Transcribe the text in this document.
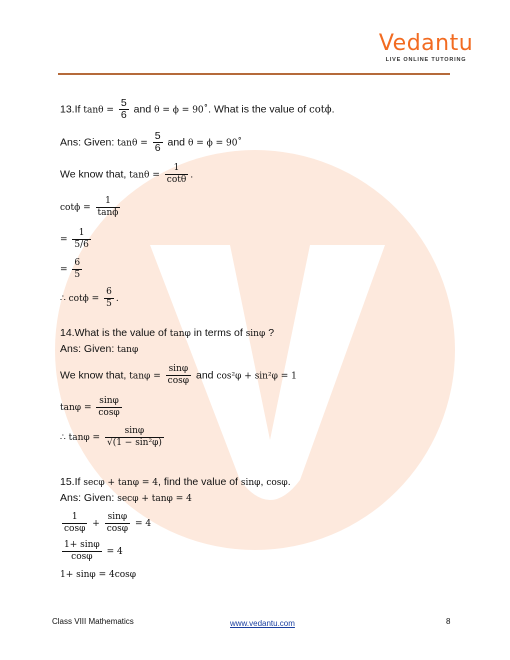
Vedantu
LIVE ONLINE TUTORING
13.If $\tan\theta = \frac{5}{6}$ and θ = ϕ = 90˚. What is the value of cotϕ.
Ans: Given: $\tan\theta = \frac{5}{6}$ and θ = ϕ = 90˚
We know that, $\tan\theta = \frac{1}{\cot\theta}$ .
$\cot\phi = \frac{1}{\tan\phi}$
= $\frac{1}{5/6}$
= $\frac{6}{5}$
∴ $\cot\phi = \frac{6}{5}$ .
14.What is the value of tanφ in terms of sinφ ?
Ans: Given: tanφ
We know that, $\tan\varphi = \frac{\sin\varphi}{\cos\varphi}$ and cos²φ + sin²φ = 1
$\tan\varphi = \frac{\sin\varphi}{\cos\varphi}$
∴ $\tan\varphi = \frac{\sin\varphi}{\text{√(1 − sin²φ)}}$
15.If secφ + tanφ = 4, find the value of sinφ, cosφ.
Ans: Given: secφ + tanφ = 4
$\frac{1}{\cos\varphi} + \frac{\sin\varphi}{\cos\varphi} = 4$
$\frac{1+ \sin\varphi}{\cos\varphi} = 4$
1+ sinφ = 4cosφ
Class VIII Mathematics	www.vedantu.com	8
